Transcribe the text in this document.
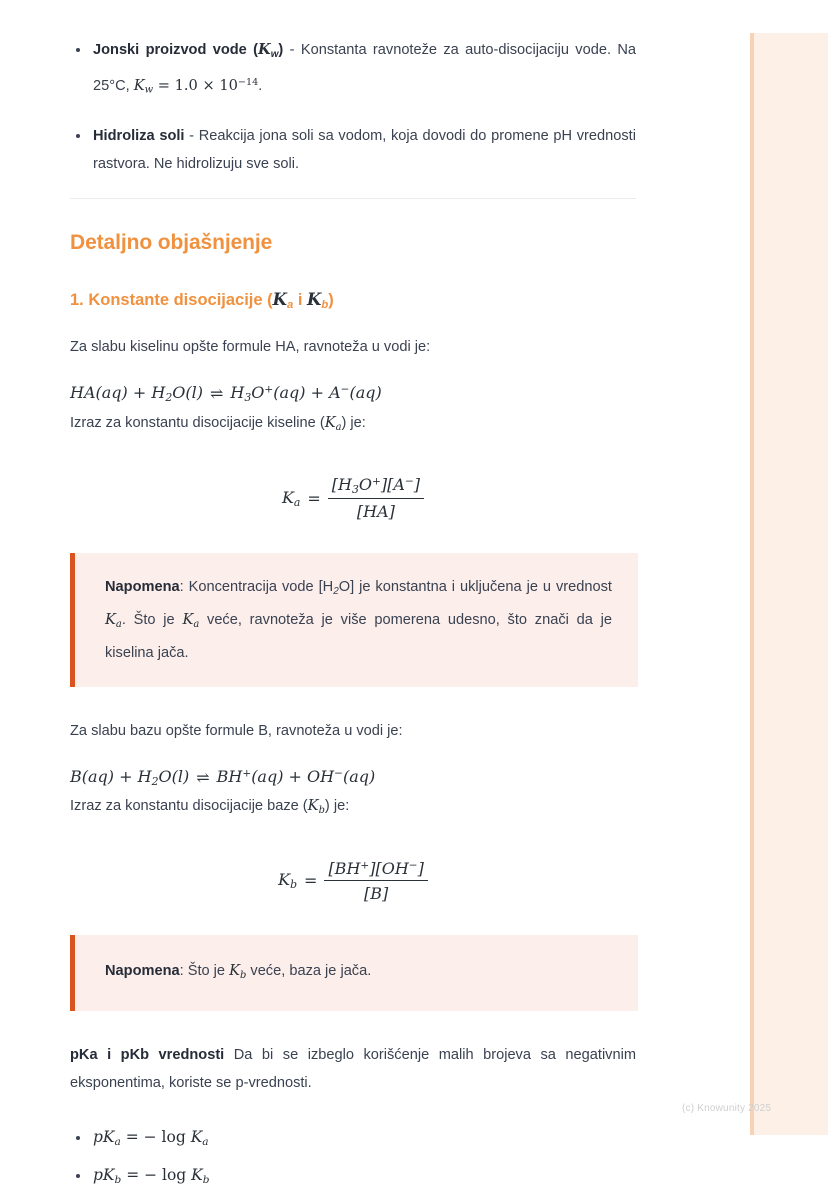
Jonski proizvod vode $(K_w)$ - Konstanta ravnoteže za auto-disocijaciju vode. Na 25°C, $K_w = 1.0 \times 10^{-14}$.
Hidroliza soli - Reakcija jona soli sa vodom, koja dovodi do promene pH vrednosti rastvora. Ne hidrolizuju sve soli.
Detaljno objašnjenje
1. Konstante disocijacije ($K_a$ i $K_b$)

Za slabu kiselinu opšte formule HA, ravnoteža u vodi je:

$HA(aq) + H_2O(l)$ ⇌ $H_3O^+(aq) + A^-(aq)$

Izraz za konstantu disocijacije kiseline $(K_a)$ je:

$K_a = \frac{[H_3O^+][A^-]}{[HA]}$

Napomena: Koncentracija vode $[H_2O]$ je konstantna i uključena je u vrednost $K_a$. Što je $K_a$ veće, ravnoteža je više pomerena udesno, što znači da je kiselina jača.

Za slabu bazu opšte formule B, ravnoteža u vodi je:

$B(aq) + H_2O(l)$ ⇌ BH+(aq) + OH−(aq)

Izraz za konstantu disocijacije baze $(K_b)$ je:

$K_b = \frac{[BH^+][OH^-]}{[B]}$

Napomena: Što je $K_b$ veće, baza je jača.

pKa i pKb vrednosti Da bi se izbeglo korišćenje malih brojeva sa negativnim eksponentima, koriste se p-vrednosti.

$pK_a$ = − $\log K_a$
$pK_b$ = − $\log K_b$
(c) Knowunity 2025
